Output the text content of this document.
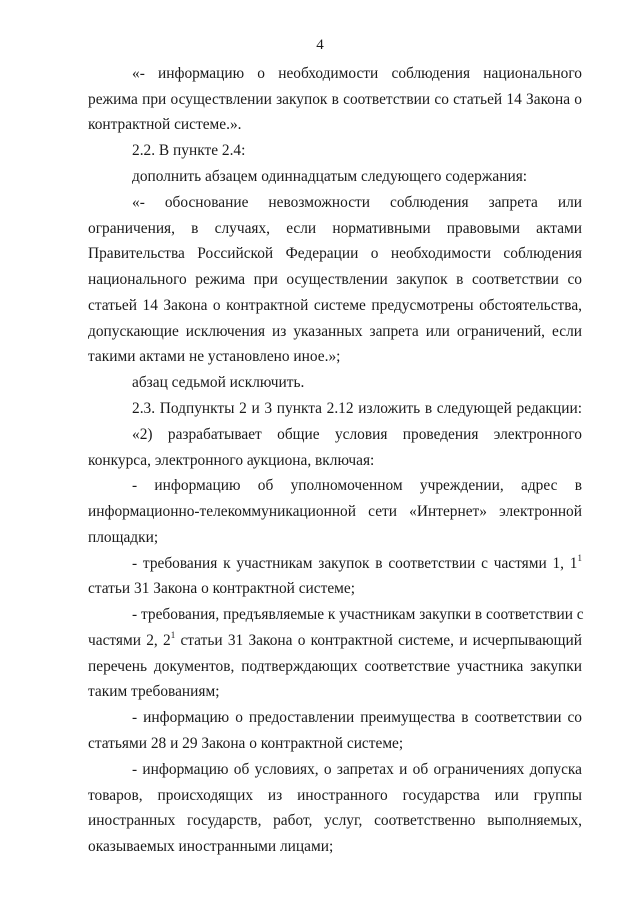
4
«- информацию о необходимости соблюдения национального
режима при осуществлении закупок в соответствии со статьей 14 Закона о
контрактной системе.».
2.2. В пункте 2.4:
дополнить абзацем одиннадцатым следующего содержания:
«- обоснование невозможности соблюдения запрета или
ограничения, в случаях, если нормативными правовыми актами
Правительства Российской Федерации о необходимости соблюдения
национального режима при осуществлении закупок в соответствии со
статьей 14 Закона о контрактной системе предусмотрены обстоятельства,
допускающие исключения из указанных запрета или ограничений, если
такими актами не установлено иное.»;
абзац седьмой исключить.
2.3. Подпункты 2 и 3 пункта 2.12 изложить в следующей редакции:
«2) разрабатывает общие условия проведения электронного
конкурса, электронного аукциона, включая:
- информацию об уполномоченном учреждении, адрес в
информационно-телекоммуникационной сети «Интернет» электронной
площадки;
- требования к участникам закупок в соответствии с частями 1, $1^1$
статьи 31 Закона о контрактной системе;
- требования, предъявляемые к участникам закупки в соответствии с
частями 2, $2^1$ статьи 31 Закона о контрактной системе, и исчерпывающий
перечень документов, подтверждающих соответствие участника закупки
таким требованиям;
- информацию о предоставлении преимущества в соответствии со
статьями 28 и 29 Закона о контрактной системе;
- информацию об условиях, о запретах и об ограничениях допуска
товаров, происходящих из иностранного государства или группы
иностранных государств, работ, услуг, соответственно выполняемых,
оказываемых иностранными лицами;
